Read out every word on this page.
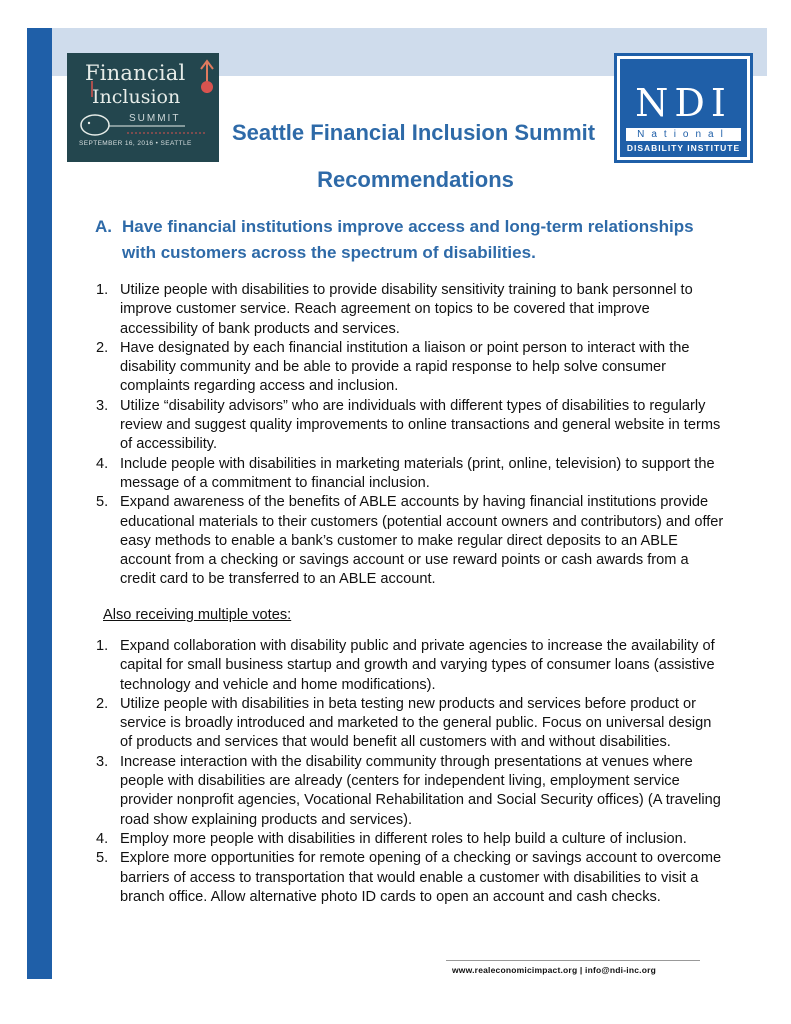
Financial
Inclusion
SUMMIT
SEPTEMBER 16, 2016 • SEATTLE
NDI
National
DISABILITY INSTITUTE
Seattle Financial Inclusion Summit
Recommendations
A. Have financial institutions improve access and long-term relationships with customers across the spectrum of disabilities.
1. Utilize people with disabilities to provide disability sensitivity training to bank personnel to improve customer service. Reach agreement on topics to be covered that improve accessibility of bank products and services.
2. Have designated by each financial institution a liaison or point person to interact with the disability community and be able to provide a rapid response to help solve consumer complaints regarding access and inclusion.
3. Utilize “disability advisors” who are individuals with different types of disabilities to regularly review and suggest quality improvements to online transactions and general website in terms of accessibility.
4. Include people with disabilities in marketing materials (print, online, television) to support the message of a commitment to financial inclusion.
5. Expand awareness of the benefits of ABLE accounts by having financial institutions provide educational materials to their customers (potential account owners and contributors) and offer easy methods to enable a bank’s customer to make regular direct deposits to an ABLE account from a checking or savings account or use reward points or cash awards from a credit card to be transferred to an ABLE account.
Also receiving multiple votes:
1. Expand collaboration with disability public and private agencies to increase the availability of capital for small business startup and growth and varying types of consumer loans (assistive technology and vehicle and home modifications).
2. Utilize people with disabilities in beta testing new products and services before product or service is broadly introduced and marketed to the general public. Focus on universal design of products and services that would benefit all customers with and without disabilities.
3. Increase interaction with the disability community through presentations at venues where people with disabilities are already (centers for independent living, employment service provider nonprofit agencies, Vocational Rehabilitation and Social Security offices) (A traveling road show explaining products and services).
4. Employ more people with disabilities in different roles to help build a culture of inclusion.
5. Explore more opportunities for remote opening of a checking or savings account to overcome barriers of access to transportation that would enable a customer with disabilities to visit a branch office. Allow alternative photo ID cards to open an account and cash checks.
www.realeconomicimpact.org | info@ndi-inc.org
